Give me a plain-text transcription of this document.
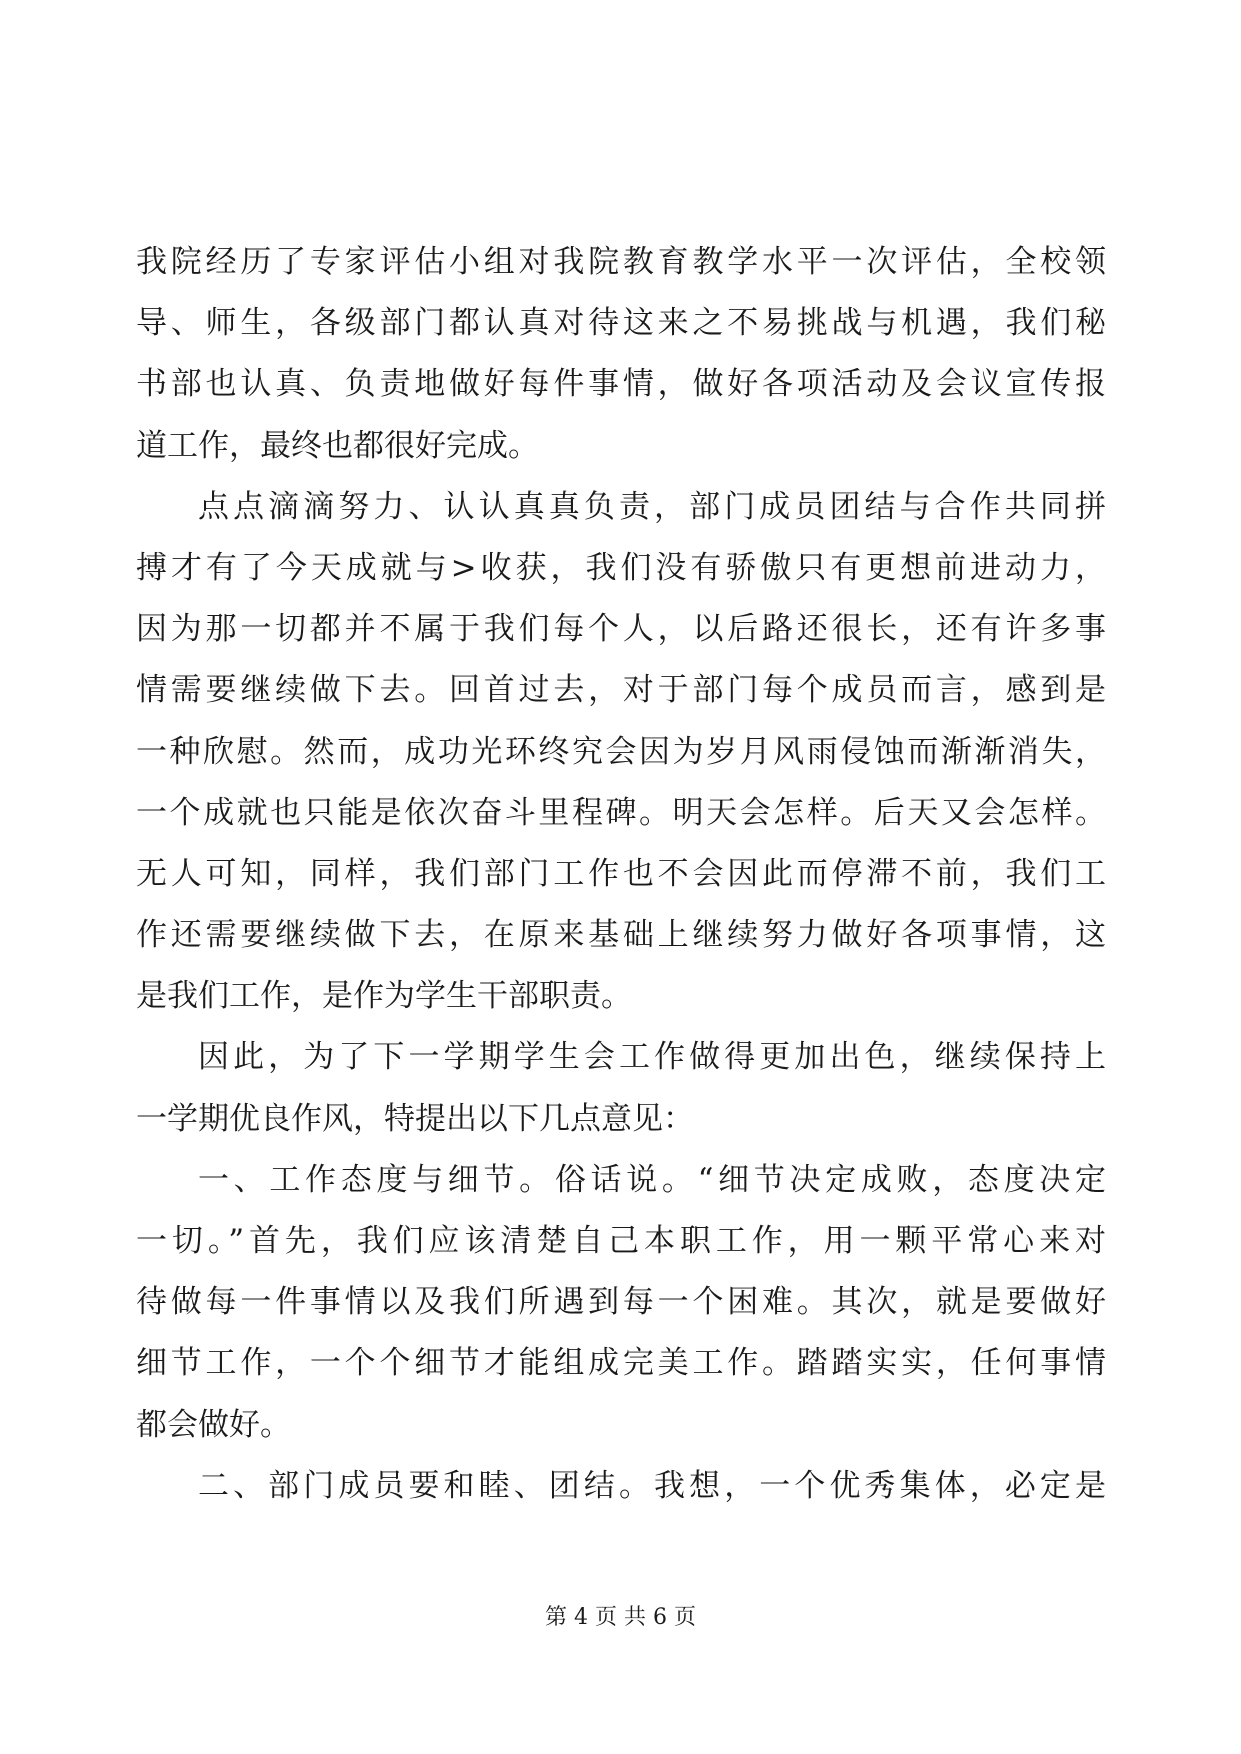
我院经历了专家评估小组对我院教育教学水平一次评估，全校领
导、师生，各级部门都认真对待这来之不易挑战与机遇，我们秘
书部也认真、负责地做好每件事情，做好各项活动及会议宣传报
道工作，最终也都很好完成。
点点滴滴努力、认认真真负责，部门成员团结与合作共同拼
搏才有了今天成就与>收获，我们没有骄傲只有更想前进动力，
因为那一切都并不属于我们每个人，以后路还很长，还有许多事
情需要继续做下去。回首过去，对于部门每个成员而言，感到是
一种欣慰。然而，成功光环终究会因为岁月风雨侵蚀而渐渐消失，
一个成就也只能是依次奋斗里程碑。明天会怎样。后天又会怎样。
无人可知，同样，我们部门工作也不会因此而停滞不前，我们工
作还需要继续做下去，在原来基础上继续努力做好各项事情，这
是我们工作，是作为学生干部职责。
因此，为了下一学期学生会工作做得更加出色，继续保持上
一学期优良作风，特提出以下几点意见：
一、工作态度与细节。俗话说。“细节决定成败，态度决定
一切。”首先，我们应该清楚自己本职工作，用一颗平常心来对
待做每一件事情以及我们所遇到每一个困难。其次，就是要做好
细节工作，一个个细节才能组成完美工作。踏踏实实，任何事情
都会做好。
二、部门成员要和睦、团结。我想，一个优秀集体，必定是
第 4 页 共 6 页
